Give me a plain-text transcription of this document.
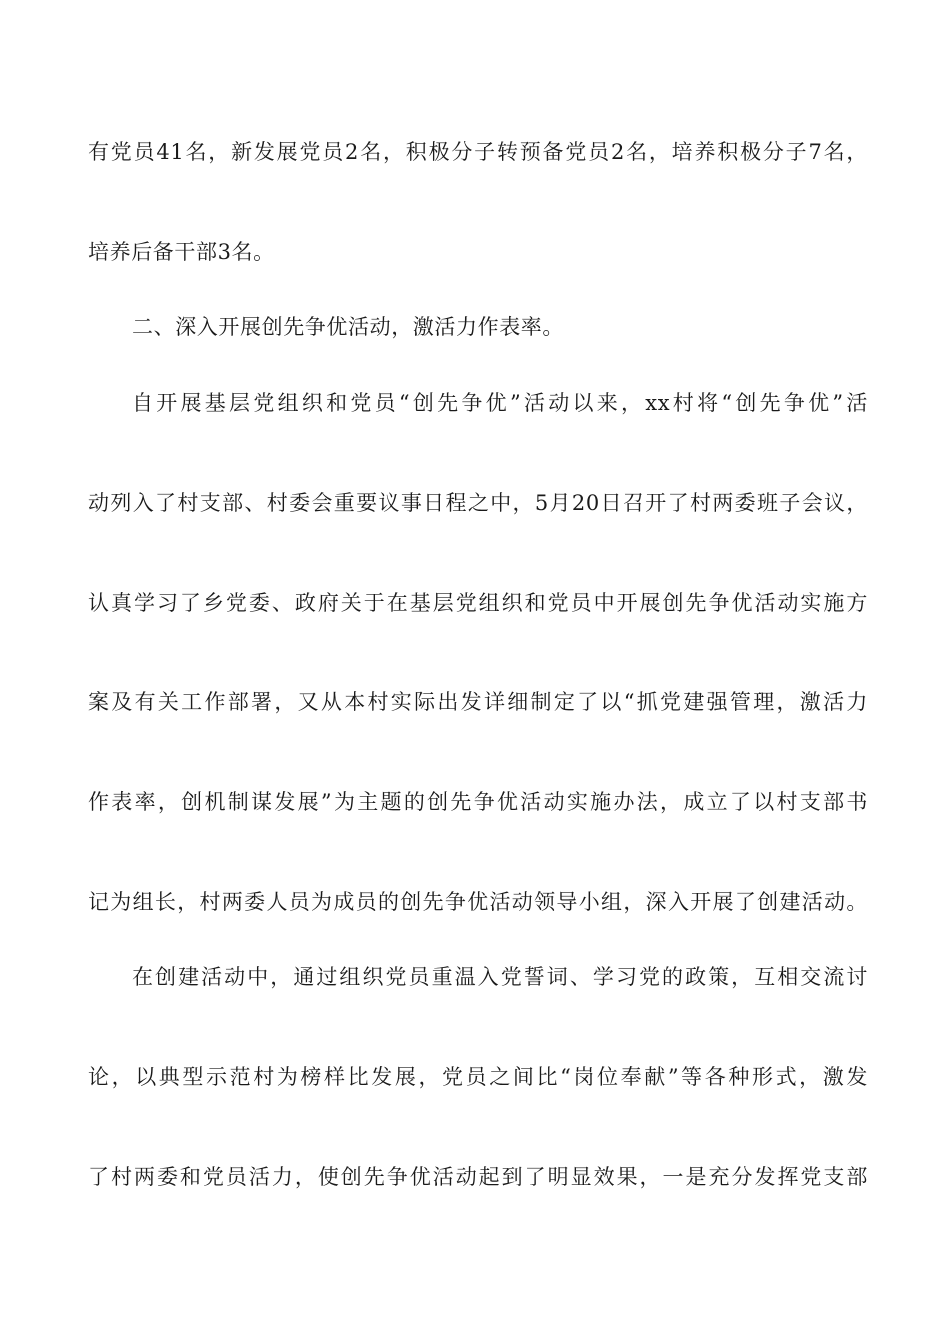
有党员41名，新发展党员2名，积极分子转预备党员2名，培养积极分子7名，
培养后备干部3名。
二、深入开展创先争优活动，激活力作表率。
自开展基层党组织和党员“创先争优”活动以来，xx村将“创先争优”活
动列入了村支部、村委会重要议事日程之中，5月20日召开了村两委班子会议，
认真学习了乡党委、政府关于在基层党组织和党员中开展创先争优活动实施方
案及有关工作部署，又从本村实际出发详细制定了以“抓党建强管理，激活力
作表率，创机制谋发展”为主题的创先争优活动实施办法，成立了以村支部书
记为组长，村两委人员为成员的创先争优活动领导小组，深入开展了创建活动。
在创建活动中，通过组织党员重温入党誓词、学习党的政策，互相交流讨
论，以典型示范村为榜样比发展，党员之间比“岗位奉献”等各种形式，激发
了村两委和党员活力，使创先争优活动起到了明显效果，一是充分发挥党支部
